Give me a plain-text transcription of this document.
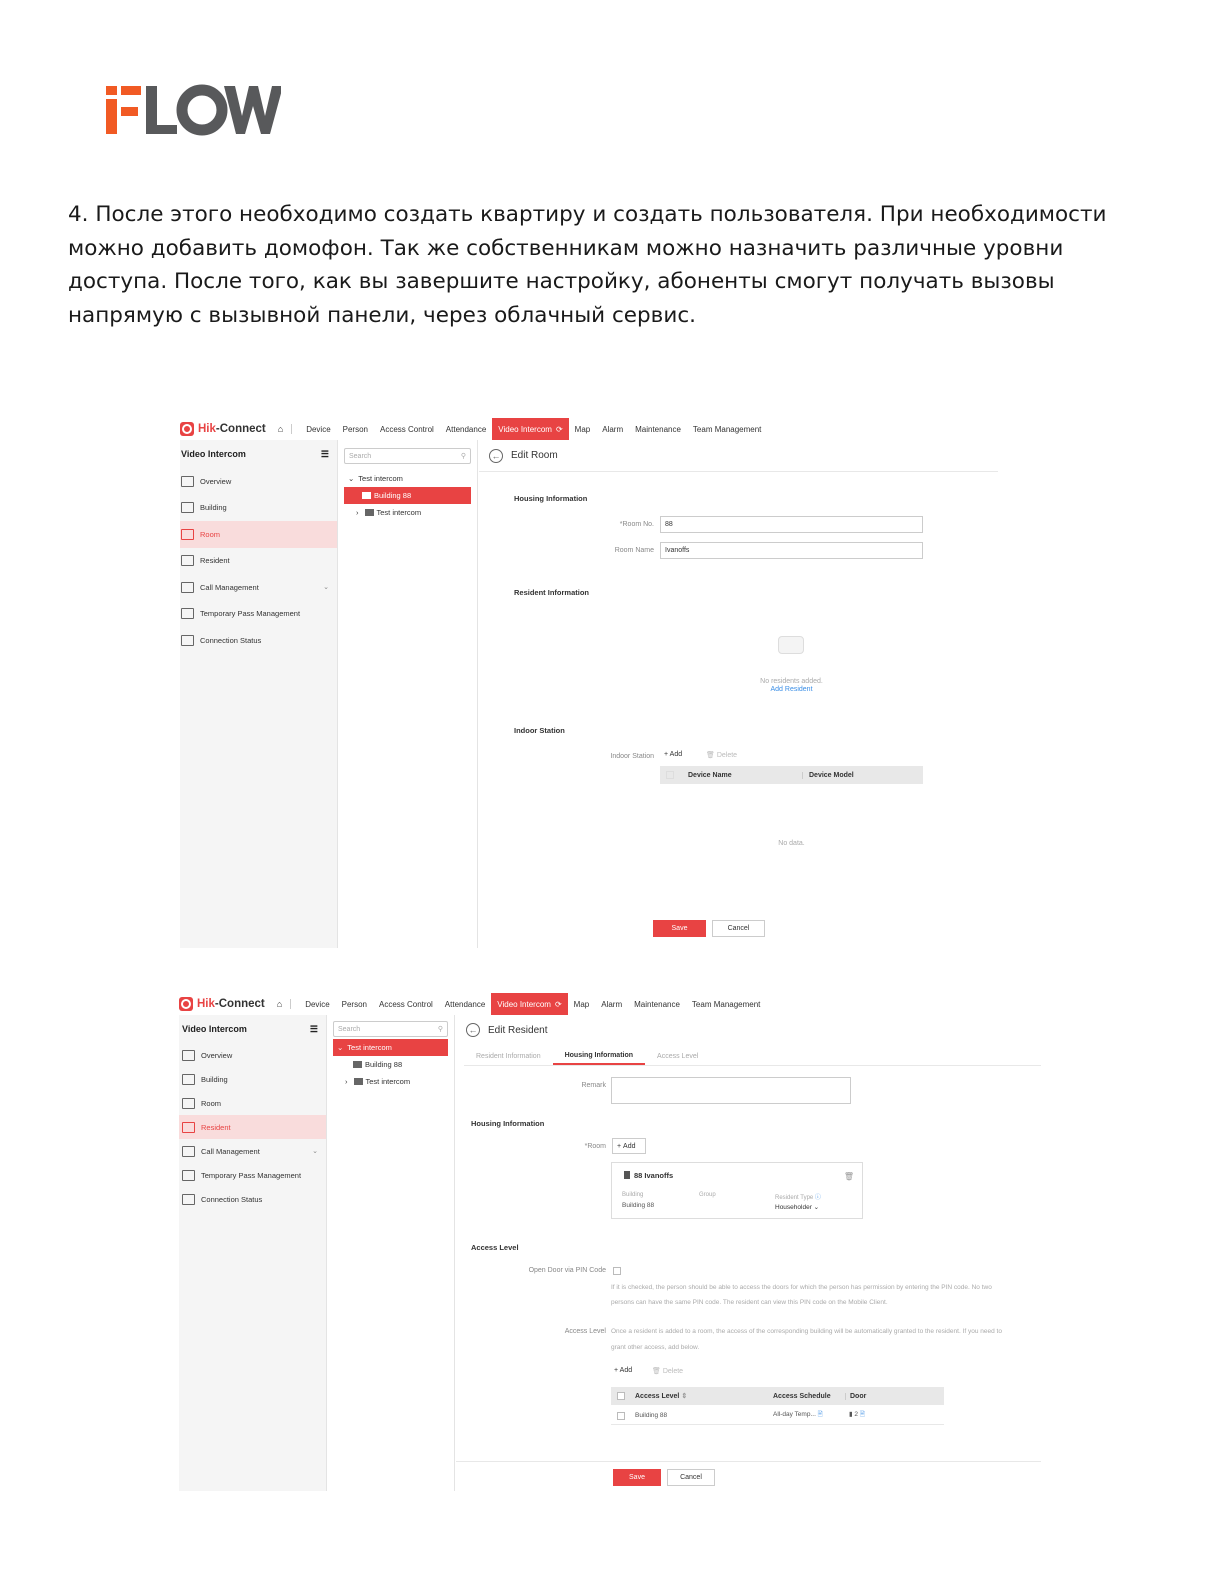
4. После этого необходимо создать квартиру и создать пользователя. При необходимости можно добавить домофон. Так же собственникам можно назначить различные уровни доступа. После того, как вы завершите настройку, абоненты смогут получать вызовы напрямую с вызывной панели, через облачный сервис.
Hik-Connect ⌂	Device	Person	Access Control	Attendance	Video Intercom ⟳	Map	Alarm	Maintenance	Team Management
Video Intercom	☰
Overview
Building
Room
Resident
Call Management	⌄
Temporary Pass Management
Connection Status
Search	⚲
⌄ Test intercom
Building 88
› Test intercom
← Edit Room
Housing Information
*Room No.	88
Room Name	Ivanoffs
Resident Information
No residents added.
Add Resident
Indoor Station
Indoor Station + Add	🗑 Delete
Device Name	Device Model
No data.
Save	Cancel
Hik-Connect ⌂	Device	Person	Access Control	Attendance	Video Intercom ⟳	Map	Alarm	Maintenance	Team Management
Video Intercom	☰
Overview
Building
Room
Resident
Call Management	⌄
Temporary Pass Management
Connection Status
Search	⚲
⌄ Test intercom
Building 88
› Test intercom
← Edit Resident
Resident Information	Housing Information	Access Level
Remark
Housing Information
*Room + Add
88 Ivanoffs	🗑
Building
Building 88
Group	Resident Type ⓘ
Householder ⌄
Access Level
Open Door via PIN Code
If it is checked, the person should be able to access the doors for which the person has permission by entering the PIN code. No two
persons can have the same PIN code. The resident can view this PIN code on the Mobile Client.
Access Level Once a resident is added to a room, the access of the corresponding building will be automatically granted to the resident. If you need to
grant other access, add below.
+ Add	🗑 Delete
Access Level ⇕	Access Schedule	Door
Building 88	All-day Temp... 🖹	▮ 2 🖹
Save	Cancel
